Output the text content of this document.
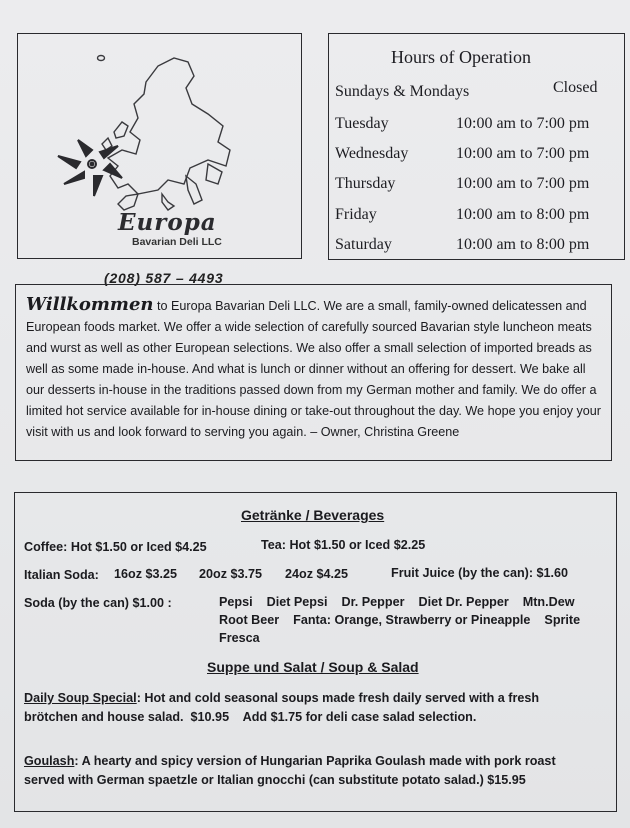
Europa
Bavarian Deli LLC
(208) 587 – 4493
Hours of Operation
Sundays & Mondays	Closed
Tuesday	10:00 am to 7:00 pm
Wednesday	10:00 am to 7:00 pm
Thursday	10:00 am to 7:00 pm
Friday	10:00 am to 8:00 pm
Saturday	10:00 am to 8:00 pm

Willkommen to Europa Bavarian Deli LLC. We are a small, family-owned delicatessen and European foods market. We offer a wide selection of carefully sourced Bavarian style luncheon meats and wurst as well as other European selections. We also offer a small selection of imported breads as well as some made in-house. And what is lunch or dinner without an offering for dessert. We bake all our desserts in-house in the traditions passed down from my German mother and family. We do offer a limited hot service available for in-house dining or take-out throughout the day. We hope you enjoy your visit with us and look forward to serving you again. – Owner, Christina Greene

Getränke / Beverages
Coffee: Hot $1.50 or Iced $4.25	Tea: Hot $1.50 or Iced $2.25
Italian Soda: 16oz $3.25 20oz $3.75 24oz $4.25	Fruit Juice (by the can): $1.60
Soda (by the can) $1.00 :	Pepsi    Diet Pepsi    Dr. Pepper    Diet Dr. Pepper    Mtn.Dew
Root Beer    Fanta: Orange, Strawberry or Pineapple    Sprite
Fresca
Suppe und Salat / Soup & Salad
Daily Soup Special: Hot and cold seasonal soups made fresh daily served with a fresh
brötchen and house salad.  $10.95    Add $1.75 for deli case salad selection.
Goulash: A hearty and spicy version of Hungarian Paprika Goulash made with pork roast
served with German spaetzle or Italian gnocchi (can substitute potato salad.) $15.95
